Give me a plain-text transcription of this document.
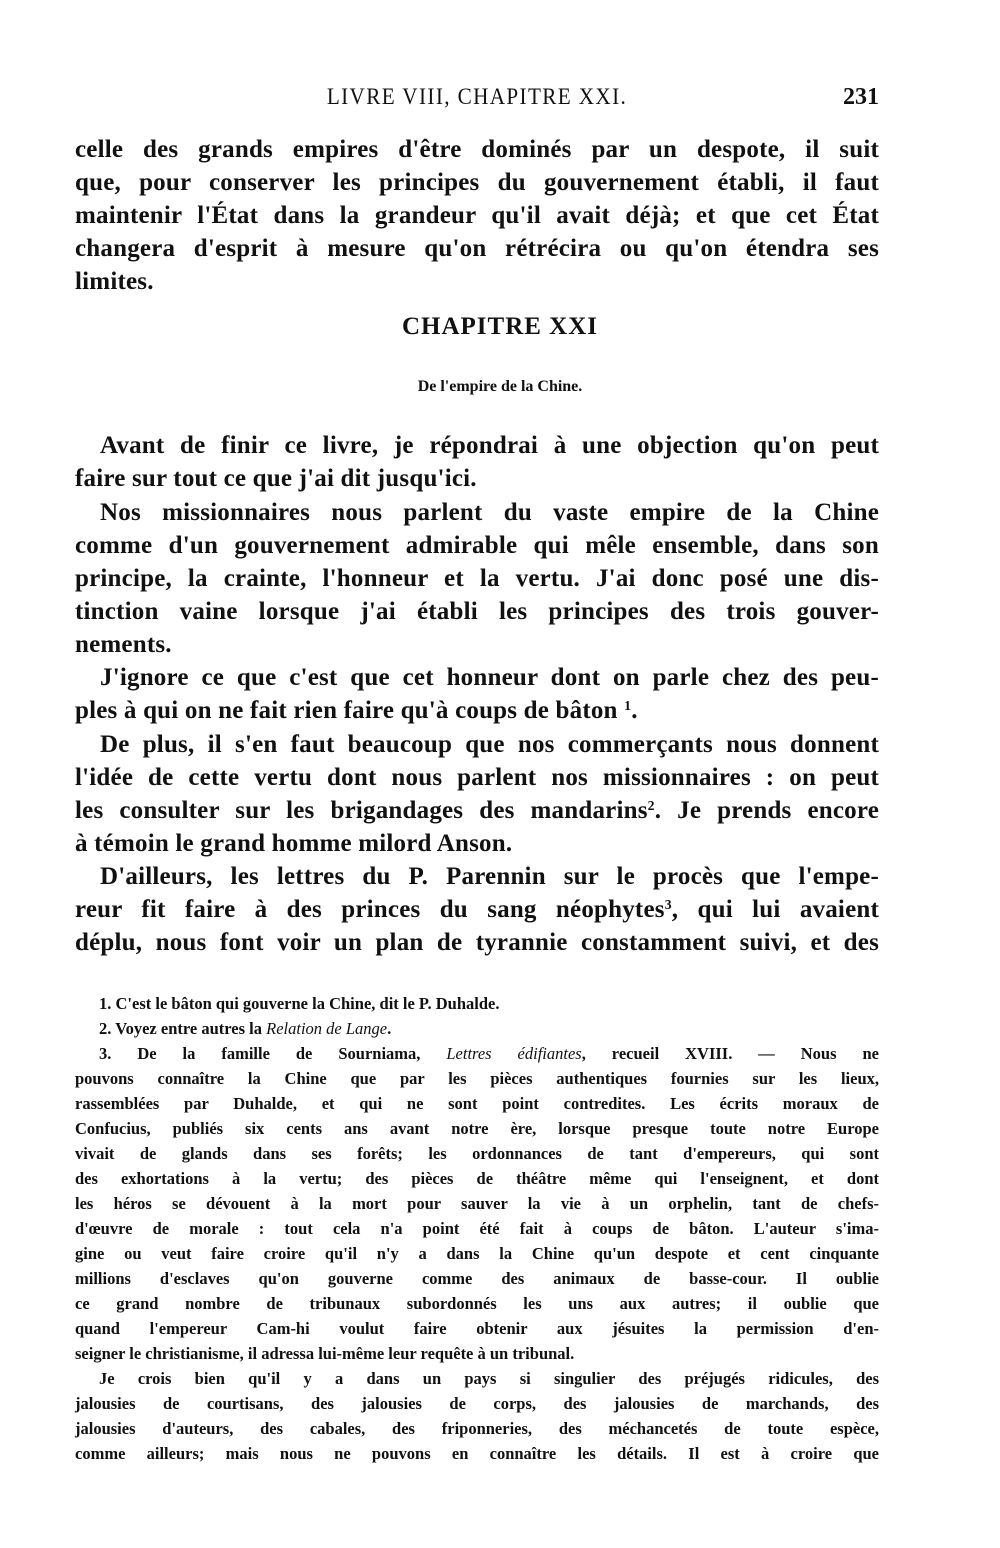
LIVRE VIII, CHAPITRE XXI.	231
celle des grands empires d'être dominés par un despote, il suit
que, pour conserver les principes du gouvernement établi, il faut
maintenir l'État dans la grandeur qu'il avait déjà; et que cet État
changera d'esprit à mesure qu'on rétrécira ou qu'on étendra ses
limites.
CHAPITRE XXI
De l'empire de la Chine.
Avant de finir ce livre, je répondrai à une objection qu'on peut
faire sur tout ce que j'ai dit jusqu'ici.
Nos missionnaires nous parlent du vaste empire de la Chine
comme d'un gouvernement admirable qui mêle ensemble, dans son
principe, la crainte, l'honneur et la vertu. J'ai donc posé une dis-
tinction vaine lorsque j'ai établi les principes des trois gouver-
nements.
J'ignore ce que c'est que cet honneur dont on parle chez des peu-
ples à qui on ne fait rien faire qu'à coups de bâton $^1$.
De plus, il s'en faut beaucoup que nos commerçants nous donnent
l'idée de cette vertu dont nous parlent nos missionnaires : on peut
les consulter sur les brigandages des mandarins$^2$. Je prends encore
à témoin le grand homme milord Anson.
D'ailleurs, les lettres du P. Parennin sur le procès que l'empe-
reur fit faire à des princes du sang néophytes$^3$, qui lui avaient
déplu, nous font voir un plan de tyrannie constamment suivi, et des
1. C'est le bâton qui gouverne la Chine, dit le P. Duhalde.
2. Voyez entre autres la Relation de Lange.
3. De la famille de Sourniama, Lettres édifiantes, recueil XVIII. — Nous ne
pouvons connaître la Chine que par les pièces authentiques fournies sur les lieux,
rassemblées par Duhalde, et qui ne sont point contredites. Les écrits moraux de
Confucius, publiés six cents ans avant notre ère, lorsque presque toute notre Europe
vivait de glands dans ses forêts; les ordonnances de tant d'empereurs, qui sont
des exhortations à la vertu; des pièces de théâtre même qui l'enseignent, et dont
les héros se dévouent à la mort pour sauver la vie à un orphelin, tant de chefs-
d'œuvre de morale : tout cela n'a point été fait à coups de bâton. L'auteur s'ima-
gine ou veut faire croire qu'il n'y a dans la Chine qu'un despote et cent cinquante
millions d'esclaves qu'on gouverne comme des animaux de basse-cour. Il oublie
ce grand nombre de tribunaux subordonnés les uns aux autres; il oublie que
quand l'empereur Cam-hi voulut faire obtenir aux jésuites la permission d'en-
seigner le christianisme, il adressa lui-même leur requête à un tribunal.
Je crois bien qu'il y a dans un pays si singulier des préjugés ridicules, des
jalousies de courtisans, des jalousies de corps, des jalousies de marchands, des
jalousies d'auteurs, des cabales, des friponneries, des méchancetés de toute espèce,
comme ailleurs; mais nous ne pouvons en connaître les détails. Il est à croire que
